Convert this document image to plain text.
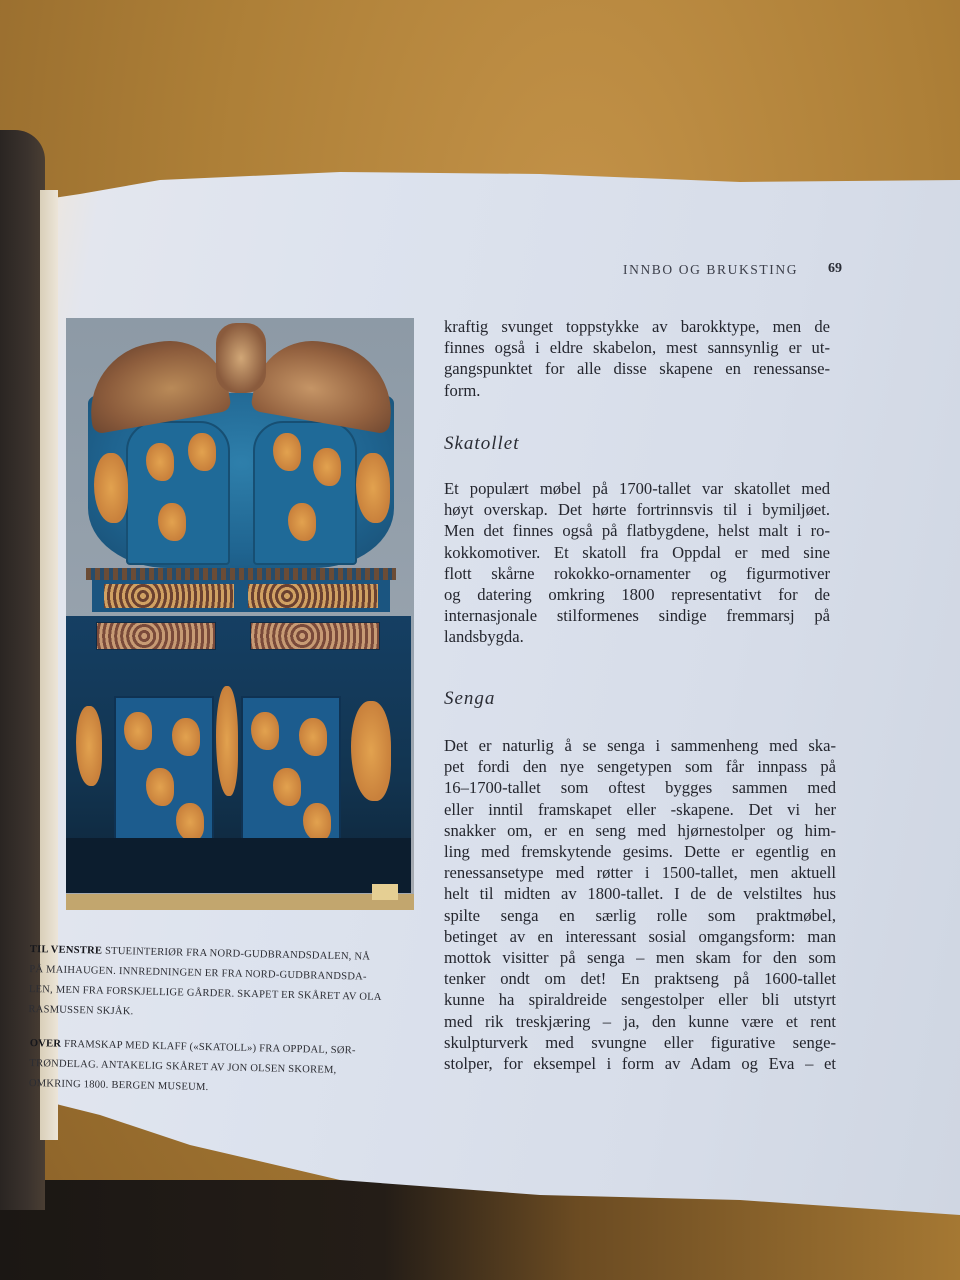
INNBO OG BRUKSTING 69
kraftig svunget toppstykke av barokktype, men de
finnes også i eldre skabelon, mest sannsynlig er ut-
gangspunktet for alle disse skapene en renessanse-
form.
Skatollet
Et populært møbel på 1700-tallet var skatollet med
høyt overskap. Det hørte fortrinnsvis til i bymiljøet.
Men det finnes også på flatbygdene, helst malt i ro-
kokkomotiver. Et skatoll fra Oppdal er med sine
flott skårne rokokko-ornamenter og figurmotiver
og datering omkring 1800 representativt for de
internasjonale stilformenes sindige fremmarsj på
landsbygda.
Senga
Det er naturlig å se senga i sammenheng med ska-
pet fordi den nye sengetypen som får innpass på
16–1700-tallet som oftest bygges sammen med
eller inntil framskapet eller -skapene. Det vi her
snakker om, er en seng med hjørnestolper og him-
ling med fremskytende gesims. Dette er egentlig en
renessansetype med røtter i 1500-tallet, men aktuell
helt til midten av 1800-tallet. I de de velstiltes hus
spilte senga en særlig rolle som praktmøbel,
betinget av en interessant sosial omgangsform: man
mottok visitter på senga – men skam for den som
tenker ondt om det! En praktseng på 1600-tallet
kunne ha spiraldreide sengestolper eller bli utstyrt
med rik treskjæring – ja, den kunne være et rent
skulpturverk med svungne eller figurative senge-
stolper, for eksempel i form av Adam og Eva – et
TIL VENSTRE STUEINTERIØR FRA NORD-GUDBRANDSDALEN, NÅ
PÅ MAIHAUGEN. INNREDNINGEN ER FRA NORD-GUDBRANDSDA-
LEN, MEN FRA FORSKJELLIGE GÅRDER. SKAPET ER SKÅRET AV OLA
RASMUSSEN SKJÅK.
OVER FRAMSKAP MED KLAFF («SKATOLL») FRA OPPDAL, SØR-
TRØNDELAG. ANTAKELIG SKÅRET AV JON OLSEN SKOREM,
OMKRING 1800. BERGEN MUSEUM.
